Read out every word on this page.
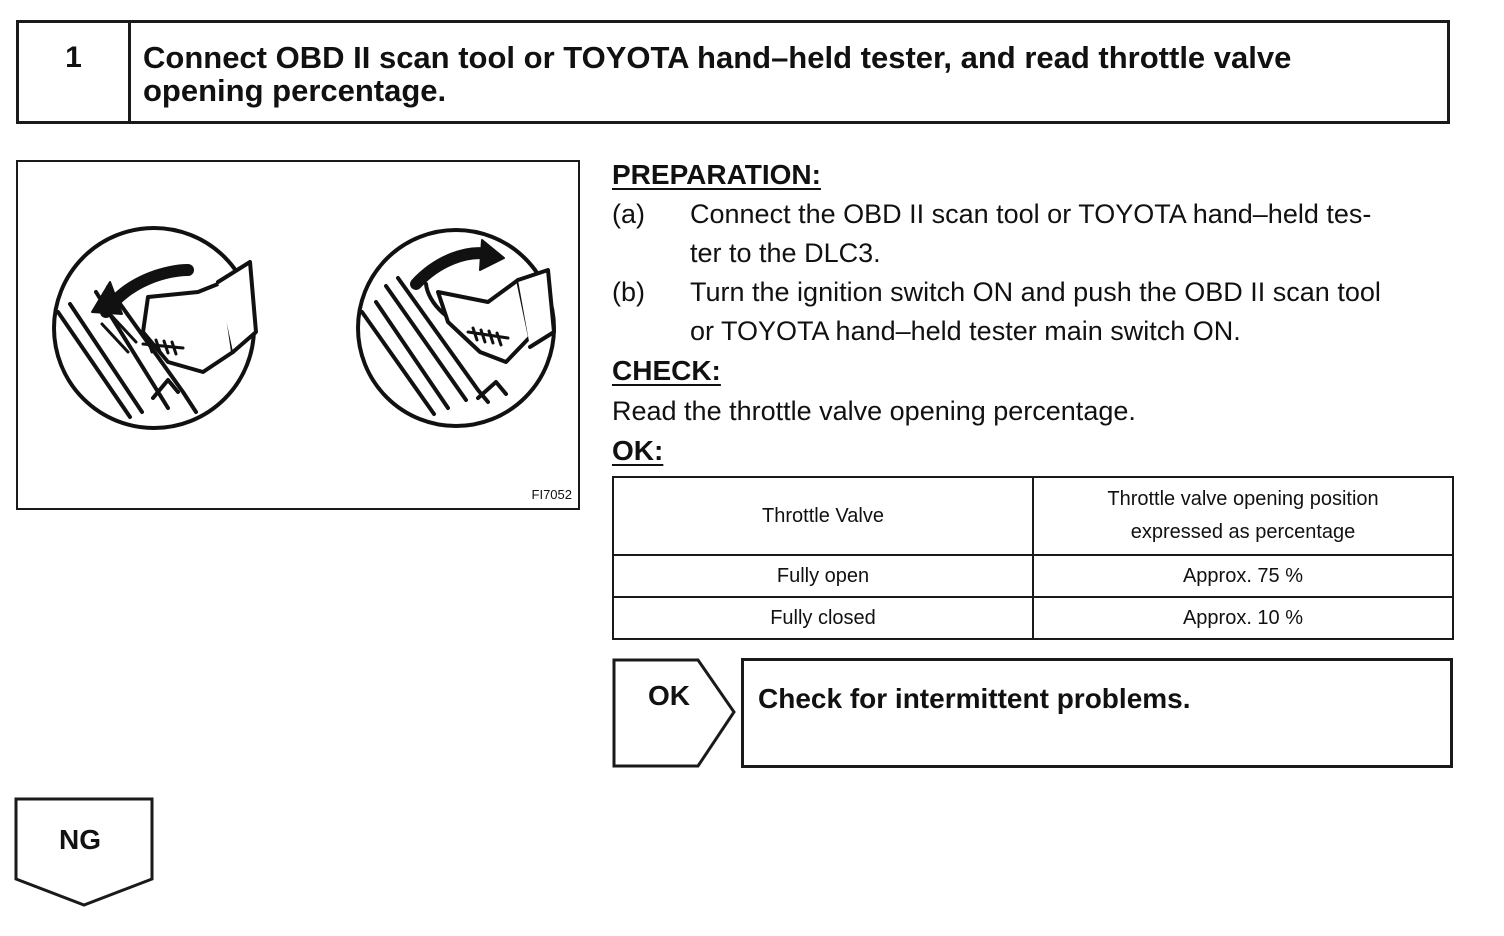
1	Connect OBD II scan tool or TOYOTA hand–held tester, and read throttle valve
opening percentage.
FI7052
PREPARATION:
(a)	Connect the OBD II scan tool or TOYOTA hand–held tes-
ter to the DLC3.
(b)	Turn the ignition switch ON and push the OBD II scan tool
or TOYOTA hand–held tester main switch ON.
CHECK:
Read the throttle valve opening percentage.
OK:
Throttle Valve	Throttle valve opening position
expressed as percentage

Fully open	Approx. 75 %
Fully closed	Approx. 10 %
OK	Check for intermittent problems.
NG
